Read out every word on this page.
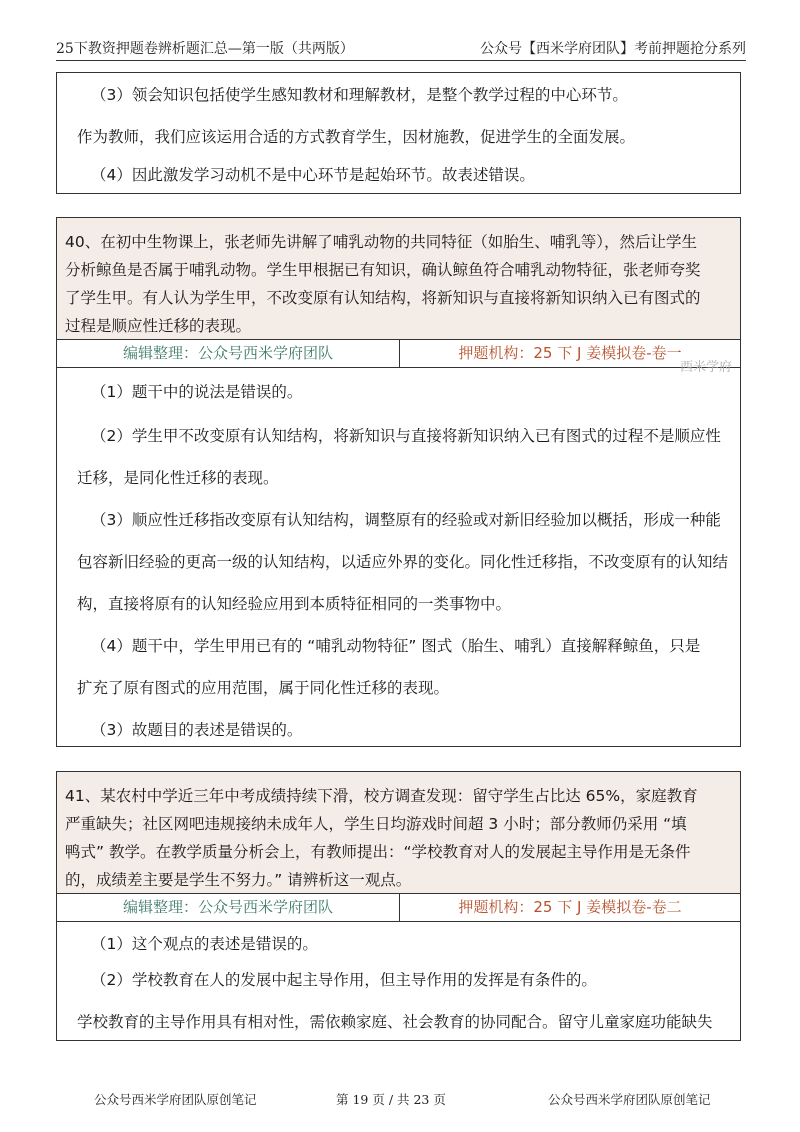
25下教资押题卷辨析题汇总—第一版（共两版）	公众号【西米学府团队】考前押题抢分系列
（3）领会知识包括使学生感知教材和理解教材，是整个教学过程的中心环节。
作为教师，我们应该运用合适的方式教育学生，因材施教，促进学生的全面发展。
（4）因此激发学习动机不是中心环节是起始环节。故表述错误。
40、在初中生物课上，张老师先讲解了哺乳动物的共同特征（如胎生、哺乳等），然后让学生
分析鲸鱼是否属于哺乳动物。学生甲根据已有知识，确认鲸鱼符合哺乳动物特征，张老师夸奖
了学生甲。有人认为学生甲，不改变原有认知结构，将新知识与直接将新知识纳入已有图式的
过程是顺应性迁移的表现。
编辑整理：公众号西米学府团队	押题机构：25 下 J 姜模拟卷-卷一
（1）题干中的说法是错误的。
（2）学生甲不改变原有认知结构，将新知识与直接将新知识纳入已有图式的过程不是顺应性
迁移，是同化性迁移的表现。
（3）顺应性迁移指改变原有认知结构，调整原有的经验或对新旧经验加以概括，形成一种能
包容新旧经验的更高一级的认知结构，以适应外界的变化。同化性迁移指，不改变原有的认知结
构，直接将原有的认知经验应用到本质特征相同的一类事物中。
（4）题干中，学生甲用已有的 “哺乳动物特征” 图式（胎生、哺乳）直接解释鲸鱼，只是
扩充了原有图式的应用范围，属于同化性迁移的表现。
（3）故题目的表述是错误的。
西米学府
41、某农村中学近三年中考成绩持续下滑，校方调查发现：留守学生占比达 65%，家庭教育
严重缺失；社区网吧违规接纳未成年人，学生日均游戏时间超 3 小时；部分教师仍采用 “填
鸭式” 教学。在教学质量分析会上，有教师提出：“学校教育对人的发展起主导作用是无条件
的，成绩差主要是学生不努力。” 请辨析这一观点。
编辑整理：公众号西米学府团队	押题机构：25 下 J 姜模拟卷-卷二
（1）这个观点的表述是错误的。
（2）学校教育在人的发展中起主导作用，但主导作用的发挥是有条件的。
学校教育的主导作用具有相对性，需依赖家庭、社会教育的协同配合。留守儿童家庭功能缺失
公众号西米学府团队原创笔记	第 19 页 / 共 23 页	公众号西米学府团队原创笔记
